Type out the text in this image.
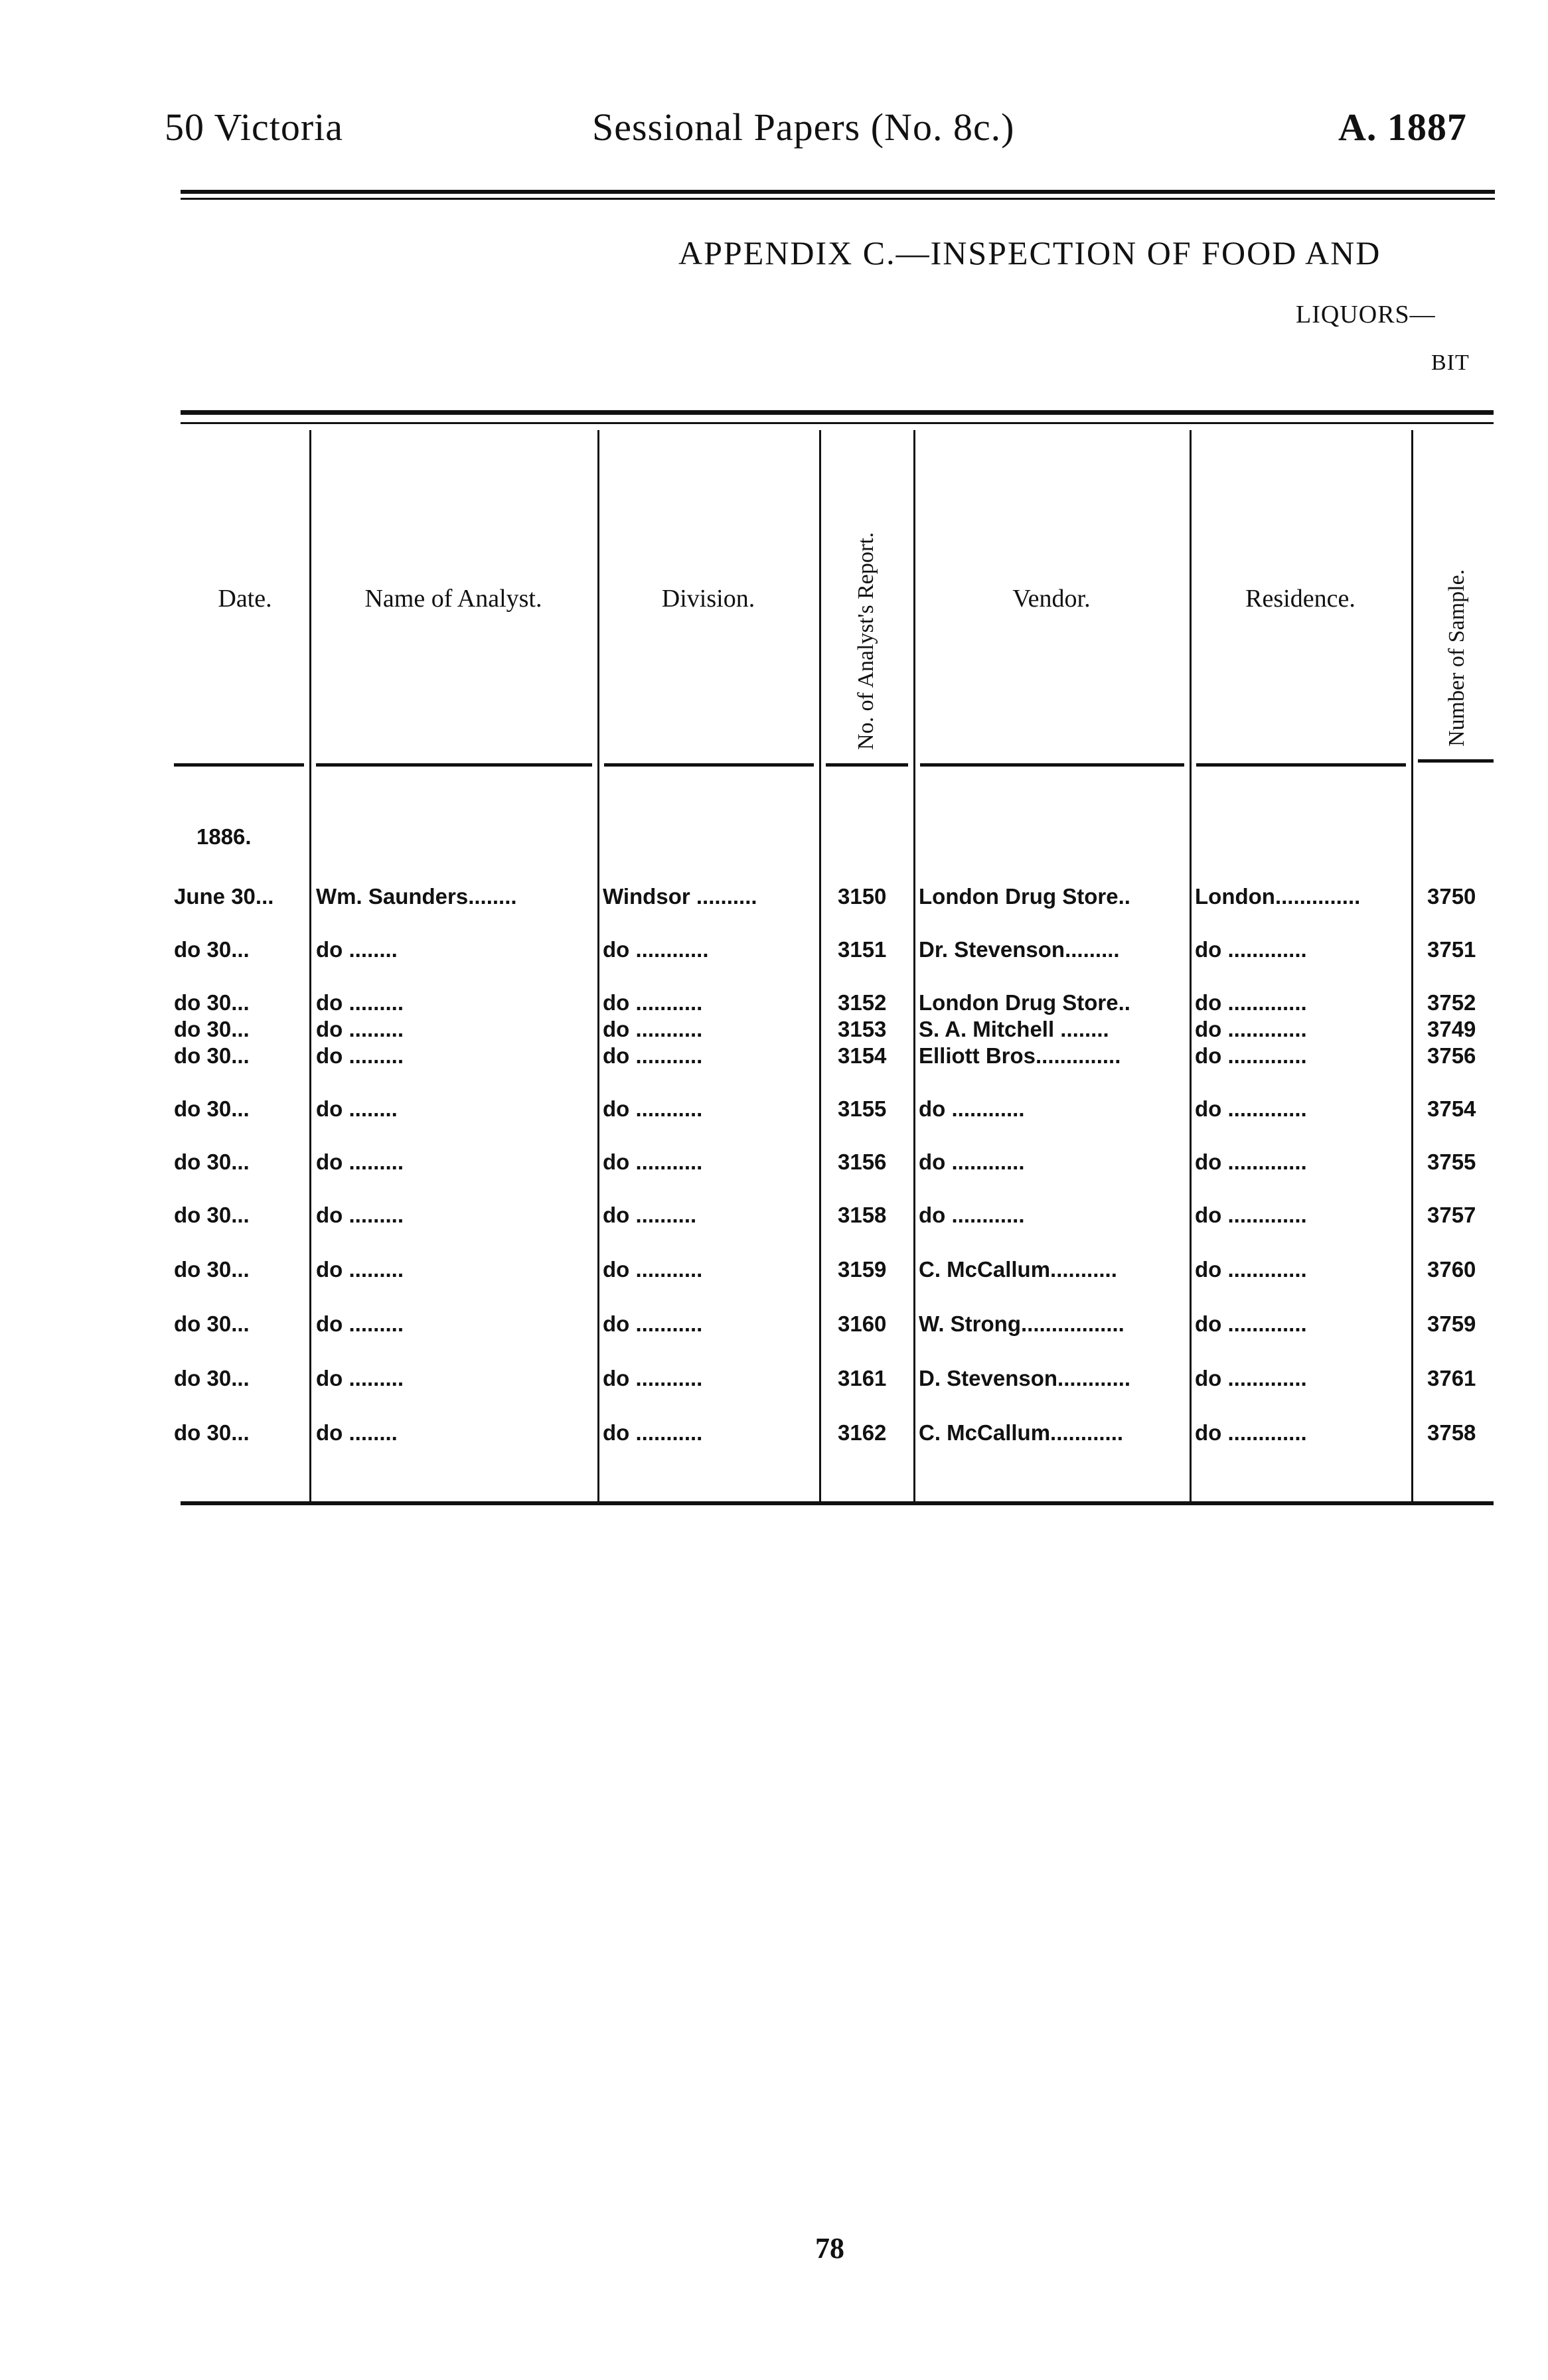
50 Victoria	Sessional Papers (No. 8c.)	A. 1887
APPENDIX C.—INSPECTION OF FOOD AND
LIQUORS—
BIT
Date.	Name of Analyst.	Division.	No. of Analyst's Report.	Vendor.	Residence.	Number of Sample.
1886.
June 30... Wm. Saunders........	Windsor ..........	3150 London Drug Store..	London..............	3750
do 30...	do ........	do ............	3151 Dr. Stevenson.........	do .............	3751
do 30...	do .........	do ...........	3152 London Drug Store..	do .............	3752
do 30...	do .........	do ...........	3153 S. A. Mitchell ........	do .............	3749
do 30...	do .........	do ...........	3154 Elliott Bros..............	do .............	3756
do 30...	do ........	do ...........	3155 do ............	do .............	3754
do 30...	do .........	do ...........	3156 do ............	do .............	3755
do 30...	do .........	do ..........	3158 do ............	do .............	3757
do 30...	do .........	do ...........	3159 C. McCallum...........	do .............	3760
do 30...	do .........	do ...........	3160 W. Strong.................	do .............	3759
do 30...	do .........	do ...........	3161 D. Stevenson............	do .............	3761
do 30...	do ........	do ...........	3162 C. McCallum............	do .............	3758
78
